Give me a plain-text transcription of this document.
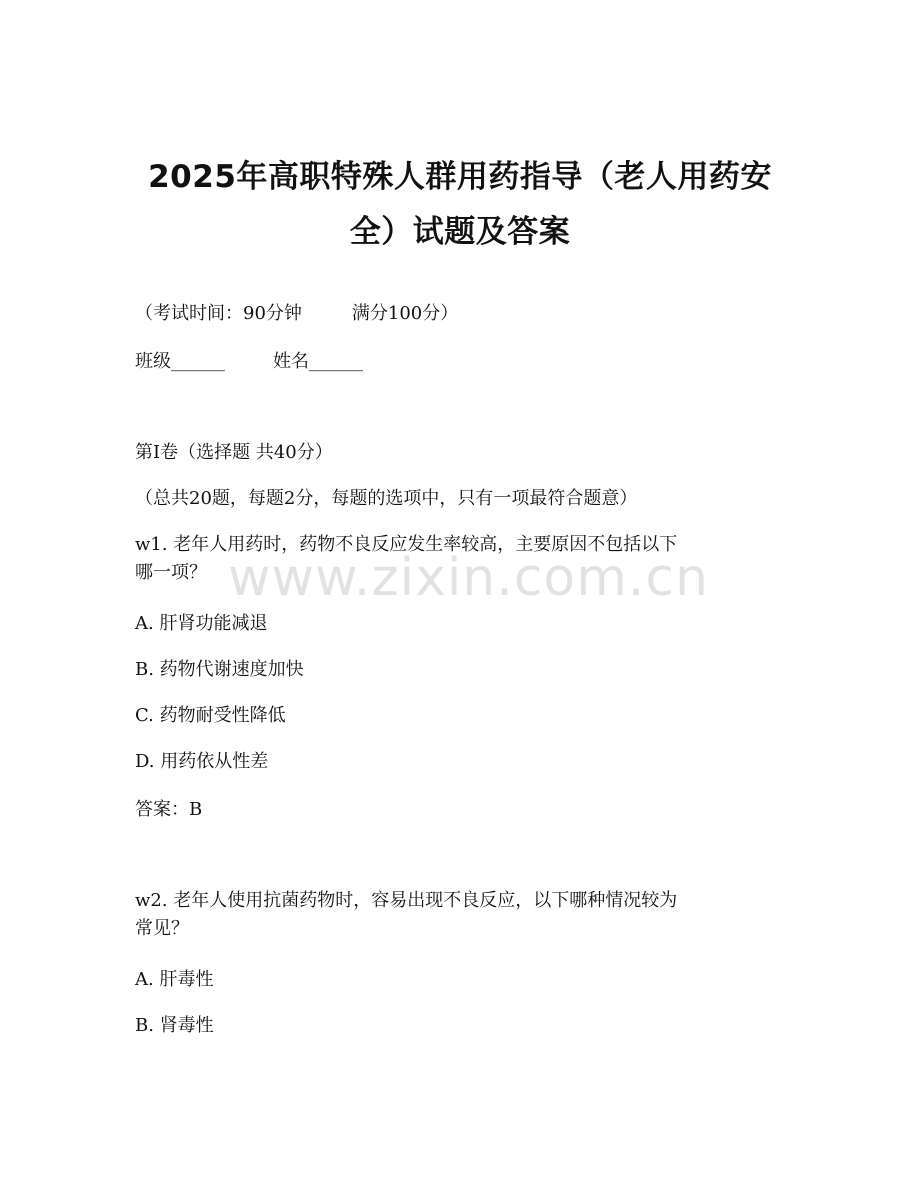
2025年高职特殊人群用药指导（老人用药安
全）试题及答案
（考试时间：90分钟	满分100分）
班级______	姓名______
第I卷（选择题 共40分）
（总共20题，每题2分，每题的选项中，只有一项最符合题意）
w1. 老年人用药时，药物不良反应发生率较高，主要原因不包括以下
哪一项？
A. 肝肾功能减退
B. 药物代谢速度加快
C. 药物耐受性降低
D. 用药依从性差
答案：B
w2. 老年人使用抗菌药物时，容易出现不良反应，以下哪种情况较为
常见？
A. 肝毒性
B. 肾毒性
www.zixin.com.cn
